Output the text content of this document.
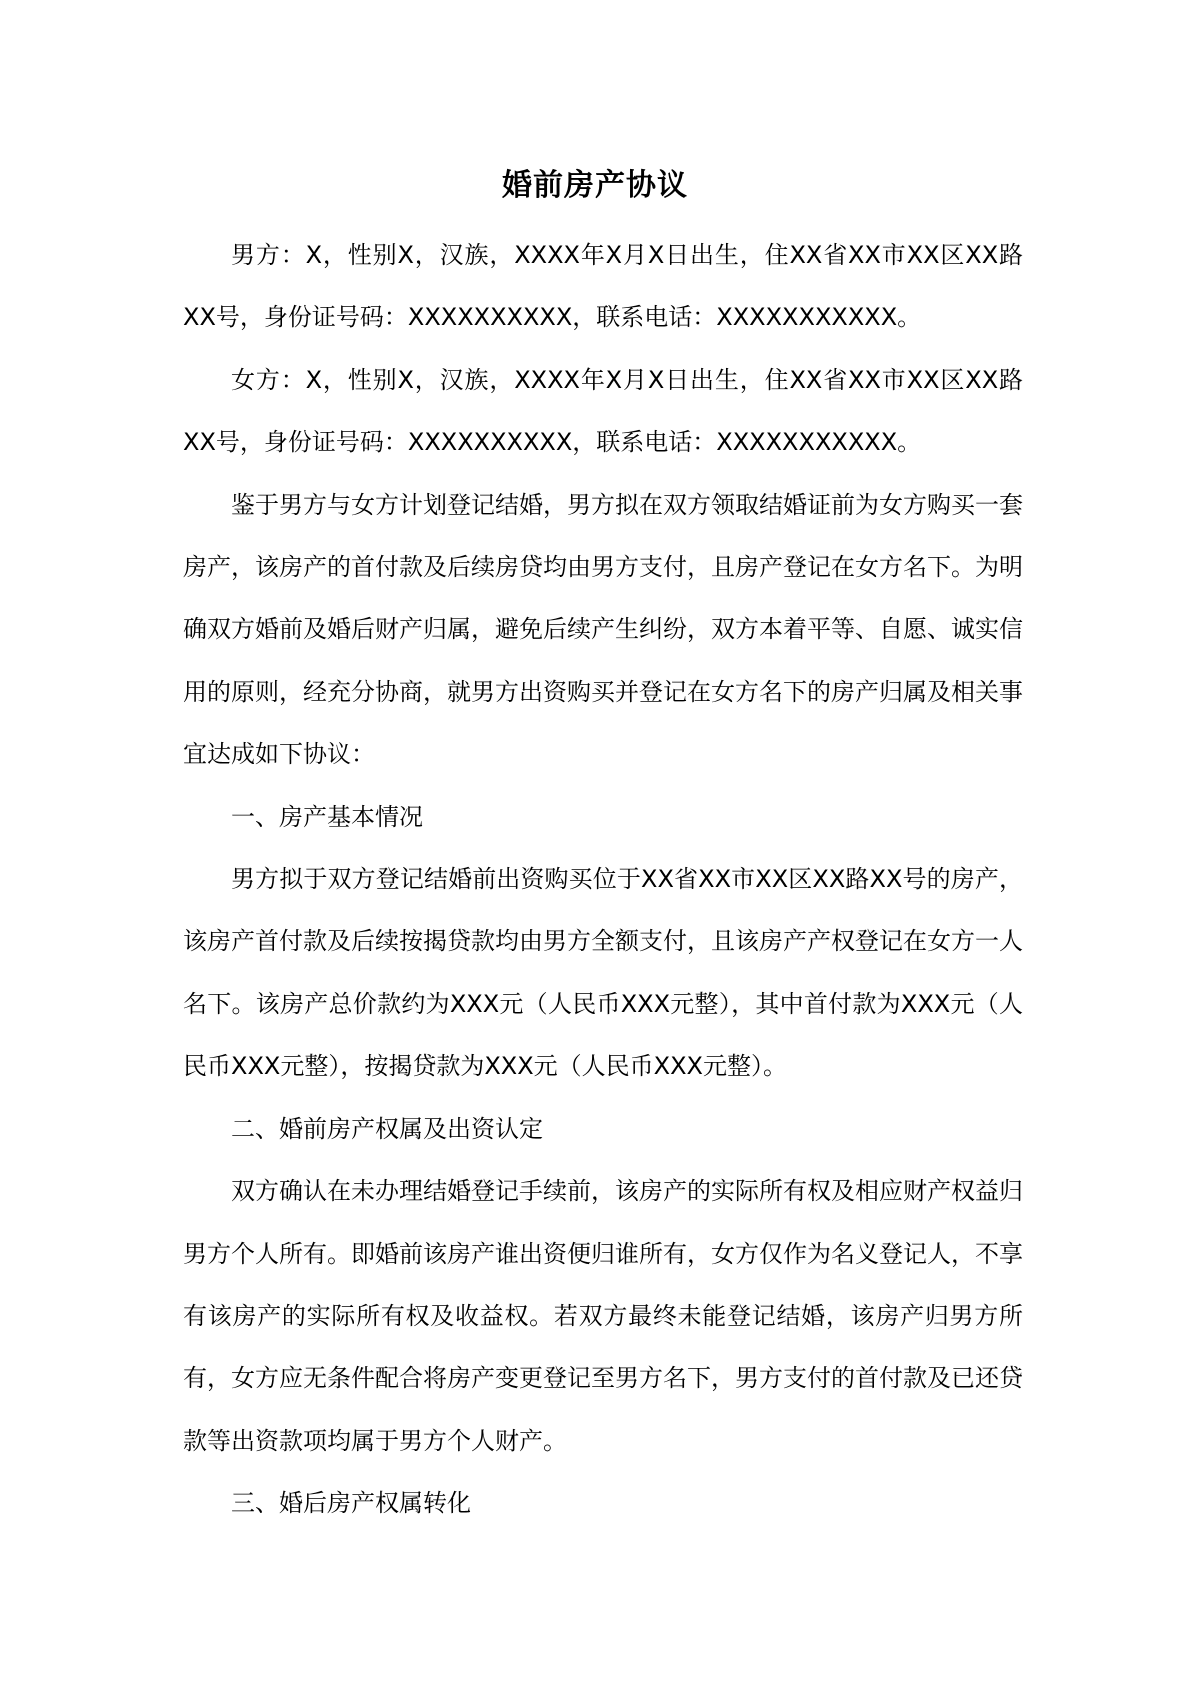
婚前房产协议

男方：X，性别X，汉族，XXXX年X月X日出生，住XX省XX市XX区XX路XX号，身份证号码：XXXXXXXXXX，联系电话：XXXXXXXXXXX。

女方：X，性别X，汉族，XXXX年X月X日出生，住XX省XX市XX区XX路XX号，身份证号码：XXXXXXXXXX，联系电话：XXXXXXXXXXX。

鉴于男方与女方计划登记结婚，男方拟在双方领取结婚证前为女方购买一套房产，该房产的首付款及后续房贷均由男方支付，且房产登记在女方名下。为明确双方婚前及婚后财产归属，避免后续产生纠纷，双方本着平等、自愿、诚实信用的原则，经充分协商，就男方出资购买并登记在女方名下的房产归属及相关事宜达成如下协议：

一、房产基本情况

男方拟于双方登记结婚前出资购买位于XX省XX市XX区XX路XX号的房产，该房产首付款及后续按揭贷款均由男方全额支付，且该房产产权登记在女方一人名下。该房产总价款约为XXX元（人民币XXX元整），其中首付款为XXX元（人民币XXX元整），按揭贷款为XXX元（人民币XXX元整）。

二、婚前房产权属及出资认定

双方确认在未办理结婚登记手续前，该房产的实际所有权及相应财产权益归男方个人所有。即婚前该房产谁出资便归谁所有，女方仅作为名义登记人，不享有该房产的实际所有权及收益权。若双方最终未能登记结婚，该房产归男方所有，女方应无条件配合将房产变更登记至男方名下，男方支付的首付款及已还贷款等出资款项均属于男方个人财产。

三、婚后房产权属转化
